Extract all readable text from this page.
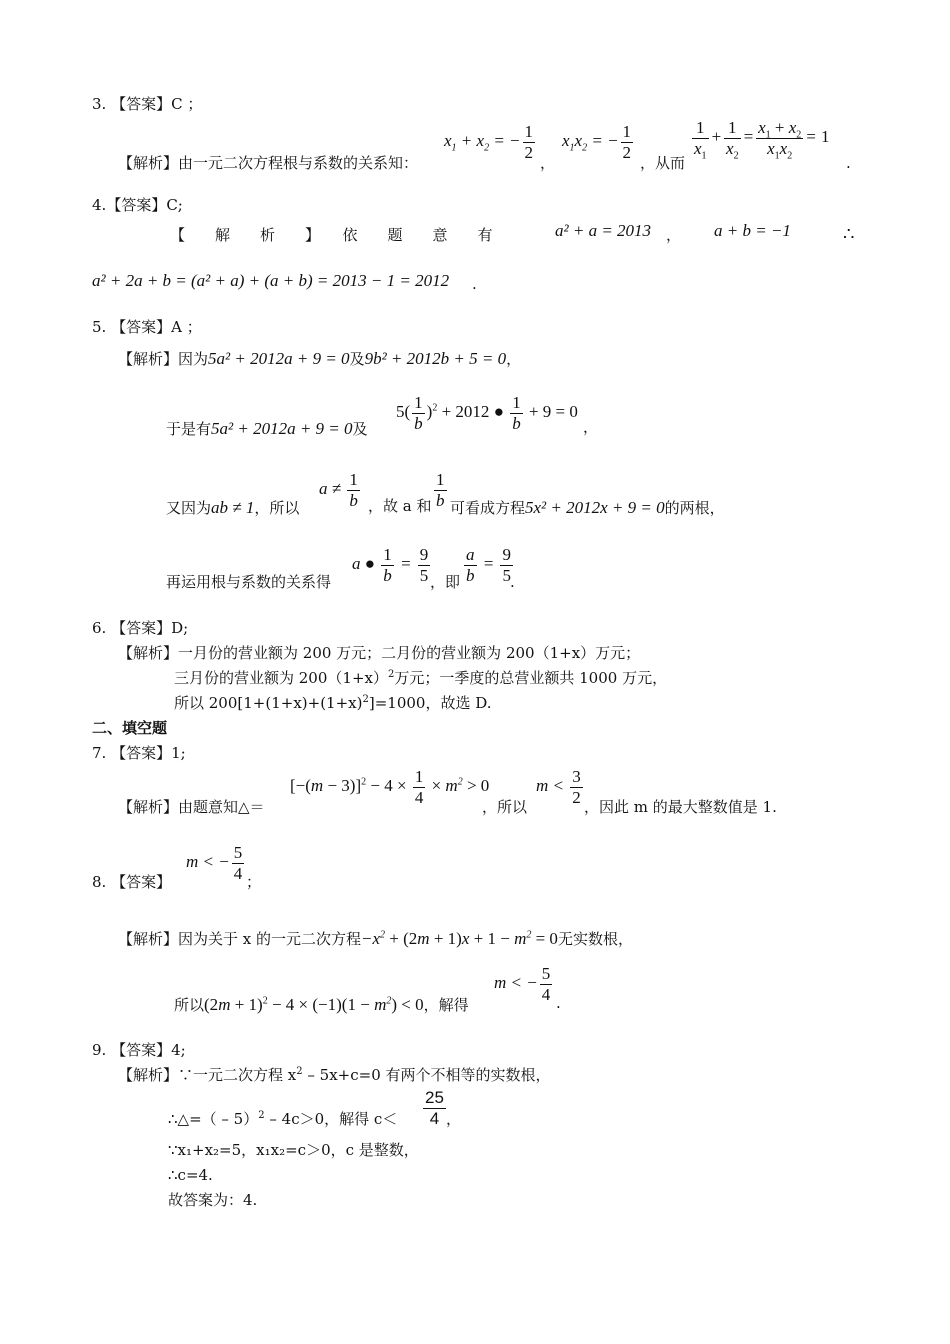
3. 【答案】C ；
【解析】由一元二次方程根与系数的关系知：
$x_1 + x_2$ = − $\frac{1}{2}$
，
$x_1x_2$ = − $\frac{1}{2}$
，从而
$\frac{1}{x_1} + \frac{1}{x_2} = \frac{x_1 + x_2}{x_1x_2} = 1$
.
4.【答案】C;
【　　解　　析　　】　　依　　题　　意　　有	a² + a = 2013 ， a + b = −1	∴
a² + 2a + b = (a² + a) + (a + b) = 2013 − 1 = 2012 .
5. 【答案】A ；
【解析】因为5a² + 2012a + 9 = 0及9b² + 2012b + 5 = 0，
于是有5a² + 2012a + 9 = 0及
$5( \frac{1}{b} )^2 + 2012$ ● $\frac{1}{b} + 9 = 0$
，
又因为ab ≠ 1，所以
$a \ne \frac{1}{b}$ ，故 a 和 $\frac{1}{b}$ 可看成方程5x² + 2012x + 9 = 0的两根，
再运用根与系数的关系得
a ● $\frac{1}{b} = \frac{9}{5}$ ，即 $\frac{a}{b} = \frac{9}{5}$
.
6. 【答案】D;
【解析】一月份的营业额为 200 万元；二月份的营业额为 200（1+x）万元；
三月份的营业额为 $200(1+x)^2$万元；一季度的总营业额共 1000 万元，
所以 $200[1+(1+x)+(1+x)^2]=1000$，故选 D.
二、填空题
7. 【答案】1;
【解析】由题意知△＝
$[-(m - 3)]^2 - 4 \times \frac{1}{4} \times m^2 > 0$
，所以
$m < \frac{3}{2}$ ，因此 m 的最大整数值是 1.
8. 【答案】
m < − $\frac{5}{4}$ ；
【解析】因为关于 x 的一元二次方程$-x^2 + (2m + 1)x + 1 - m^2 = 0$无实数根，
所以$(2m + 1)^2 - 4 \times (-1)(1 - m^2) < 0$，解得
m < − $\frac{5}{4}$ .
9. 【答案】4;
【解析】∵一元二次方程 $x^2 - 5x+c=0$ 有两个不相等的实数根，
∴△=（ – 5）$^2$ – 4c＞0，解得 $c< \frac{25}{4}$ ，
∵x₁+x₂=5，x₁x₂=c＞0，c 是整数，
∴c=4.
故答案为：4.
